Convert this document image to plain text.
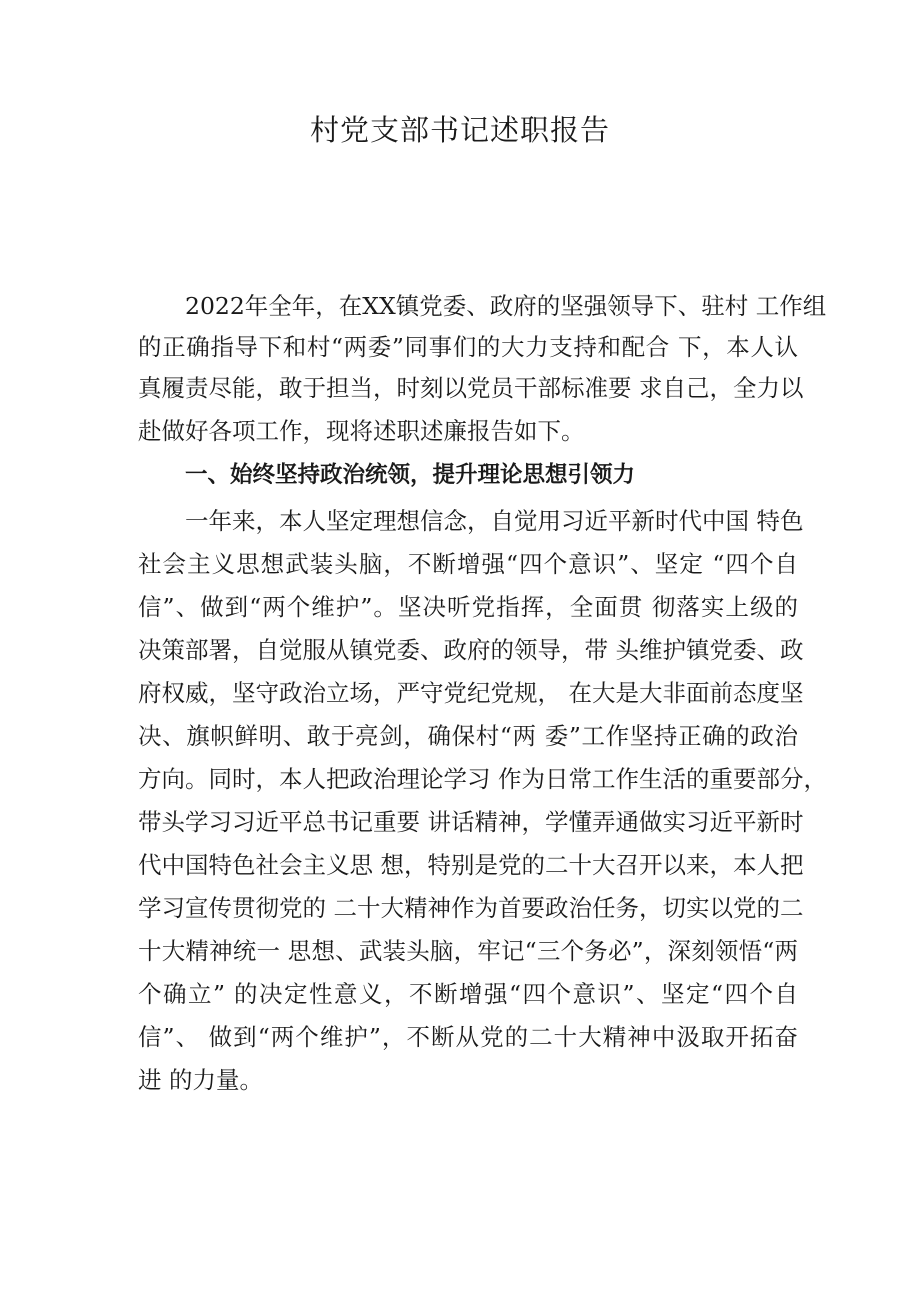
村党支部书记述职报告

2022年全年，在XX镇党委、政府的坚强领导下、驻村 工作组

的正确指导下和村“两委”同事们的大力支持和配合 下，本人认

真履责尽能，敢于担当，时刻以党员干部标准要 求自己，全力以

赴做好各项工作，现将述职述廉报告如下。

一、始终坚持政治统领，提升理论思想引领力

一年来，本人坚定理想信念，自觉用习近平新时代中国 特色

社会主义思想武装头脑，不断增强“四个意识”、坚定 “四个自

信”、做到“两个维护”。坚决听党指挥，全面贯 彻落实上级的

决策部署，自觉服从镇党委、政府的领导，带 头维护镇党委、政

府权威，坚守政治立场，严守党纪党规， 在大是大非面前态度坚

决、旗帜鲜明、敢于亮剑，确保村“两 委”工作坚持正确的政治

方向。同时，本人把政治理论学习 作为日常工作生活的重要部分，

带头学习习近平总书记重要 讲话精神，学懂弄通做实习近平新时

代中国特色社会主义思 想，特别是党的二十大召开以来，本人把

学习宣传贯彻党的 二十大精神作为首要政治任务，切实以党的二

十大精神统一 思想、武装头脑，牢记“三个务必”，深刻领悟“两

个确立” 的决定性意义，不断增强“四个意识”、坚定“四个自

信”、 做到“两个维护”，不断从党的二十大精神中汲取开拓奋

进 的力量。
